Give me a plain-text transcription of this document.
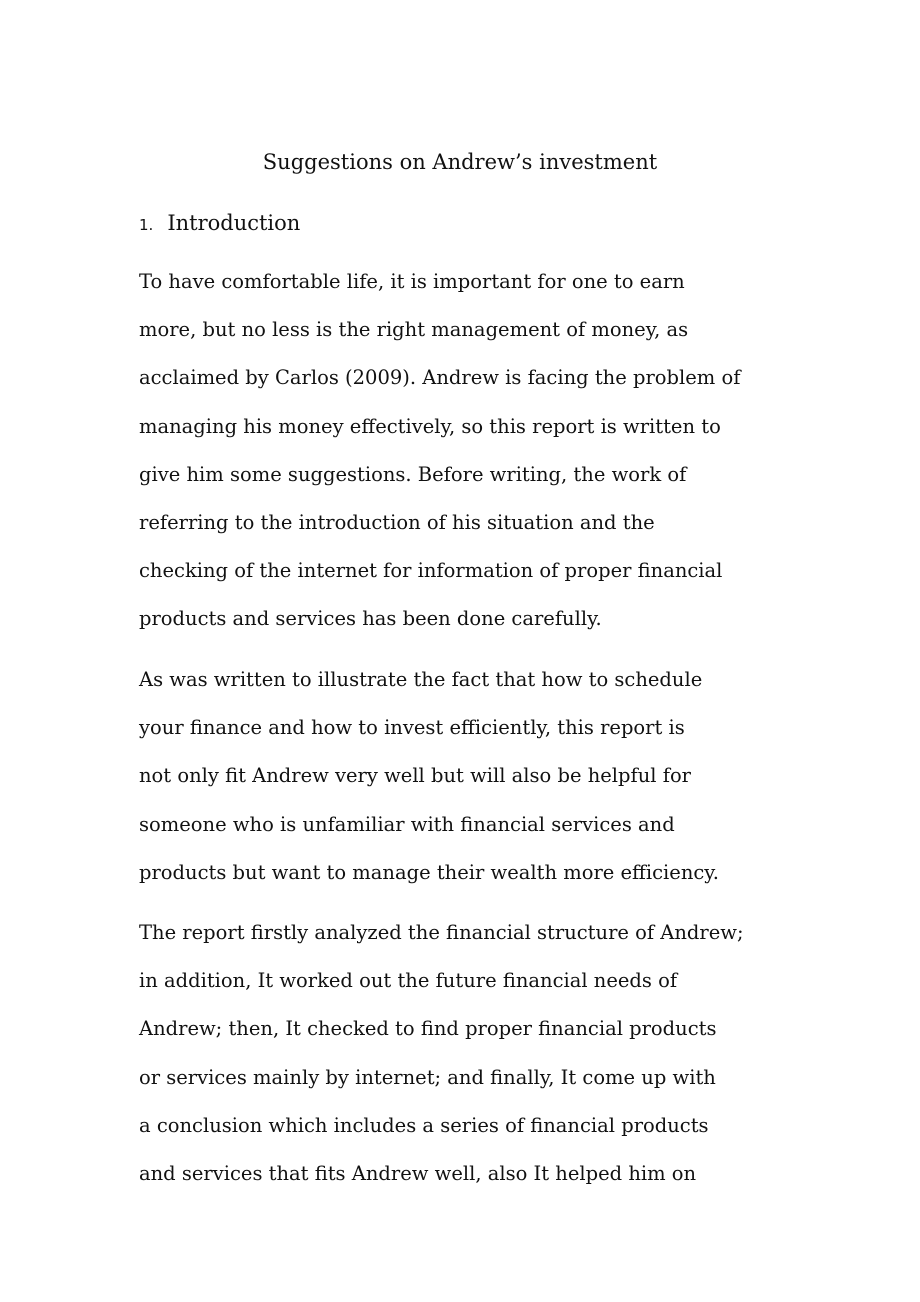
Suggestions on Andrew’s investment
1. Introduction

To have comfortable life, it is important for one to earn
more, but no less is the right management of money, as
acclaimed by Carlos (2009). Andrew is facing the problem of
managing his money effectively, so this report is written to
give him some suggestions. Before writing, the work of
referring to the introduction of his situation and the
checking of the internet for information of proper financial
products and services has been done carefully.

As was written to illustrate the fact that how to schedule
your finance and how to invest efficiently, this report is
not only fit Andrew very well but will also be helpful for
someone who is unfamiliar with financial services and
products but want to manage their wealth more efficiency.

The report firstly analyzed the financial structure of Andrew;
in addition, It worked out the future financial needs of
Andrew; then, It checked to find proper financial products
or services mainly by internet; and finally, It come up with
a conclusion which includes a series of financial products
and services that fits Andrew well, also It helped him on
